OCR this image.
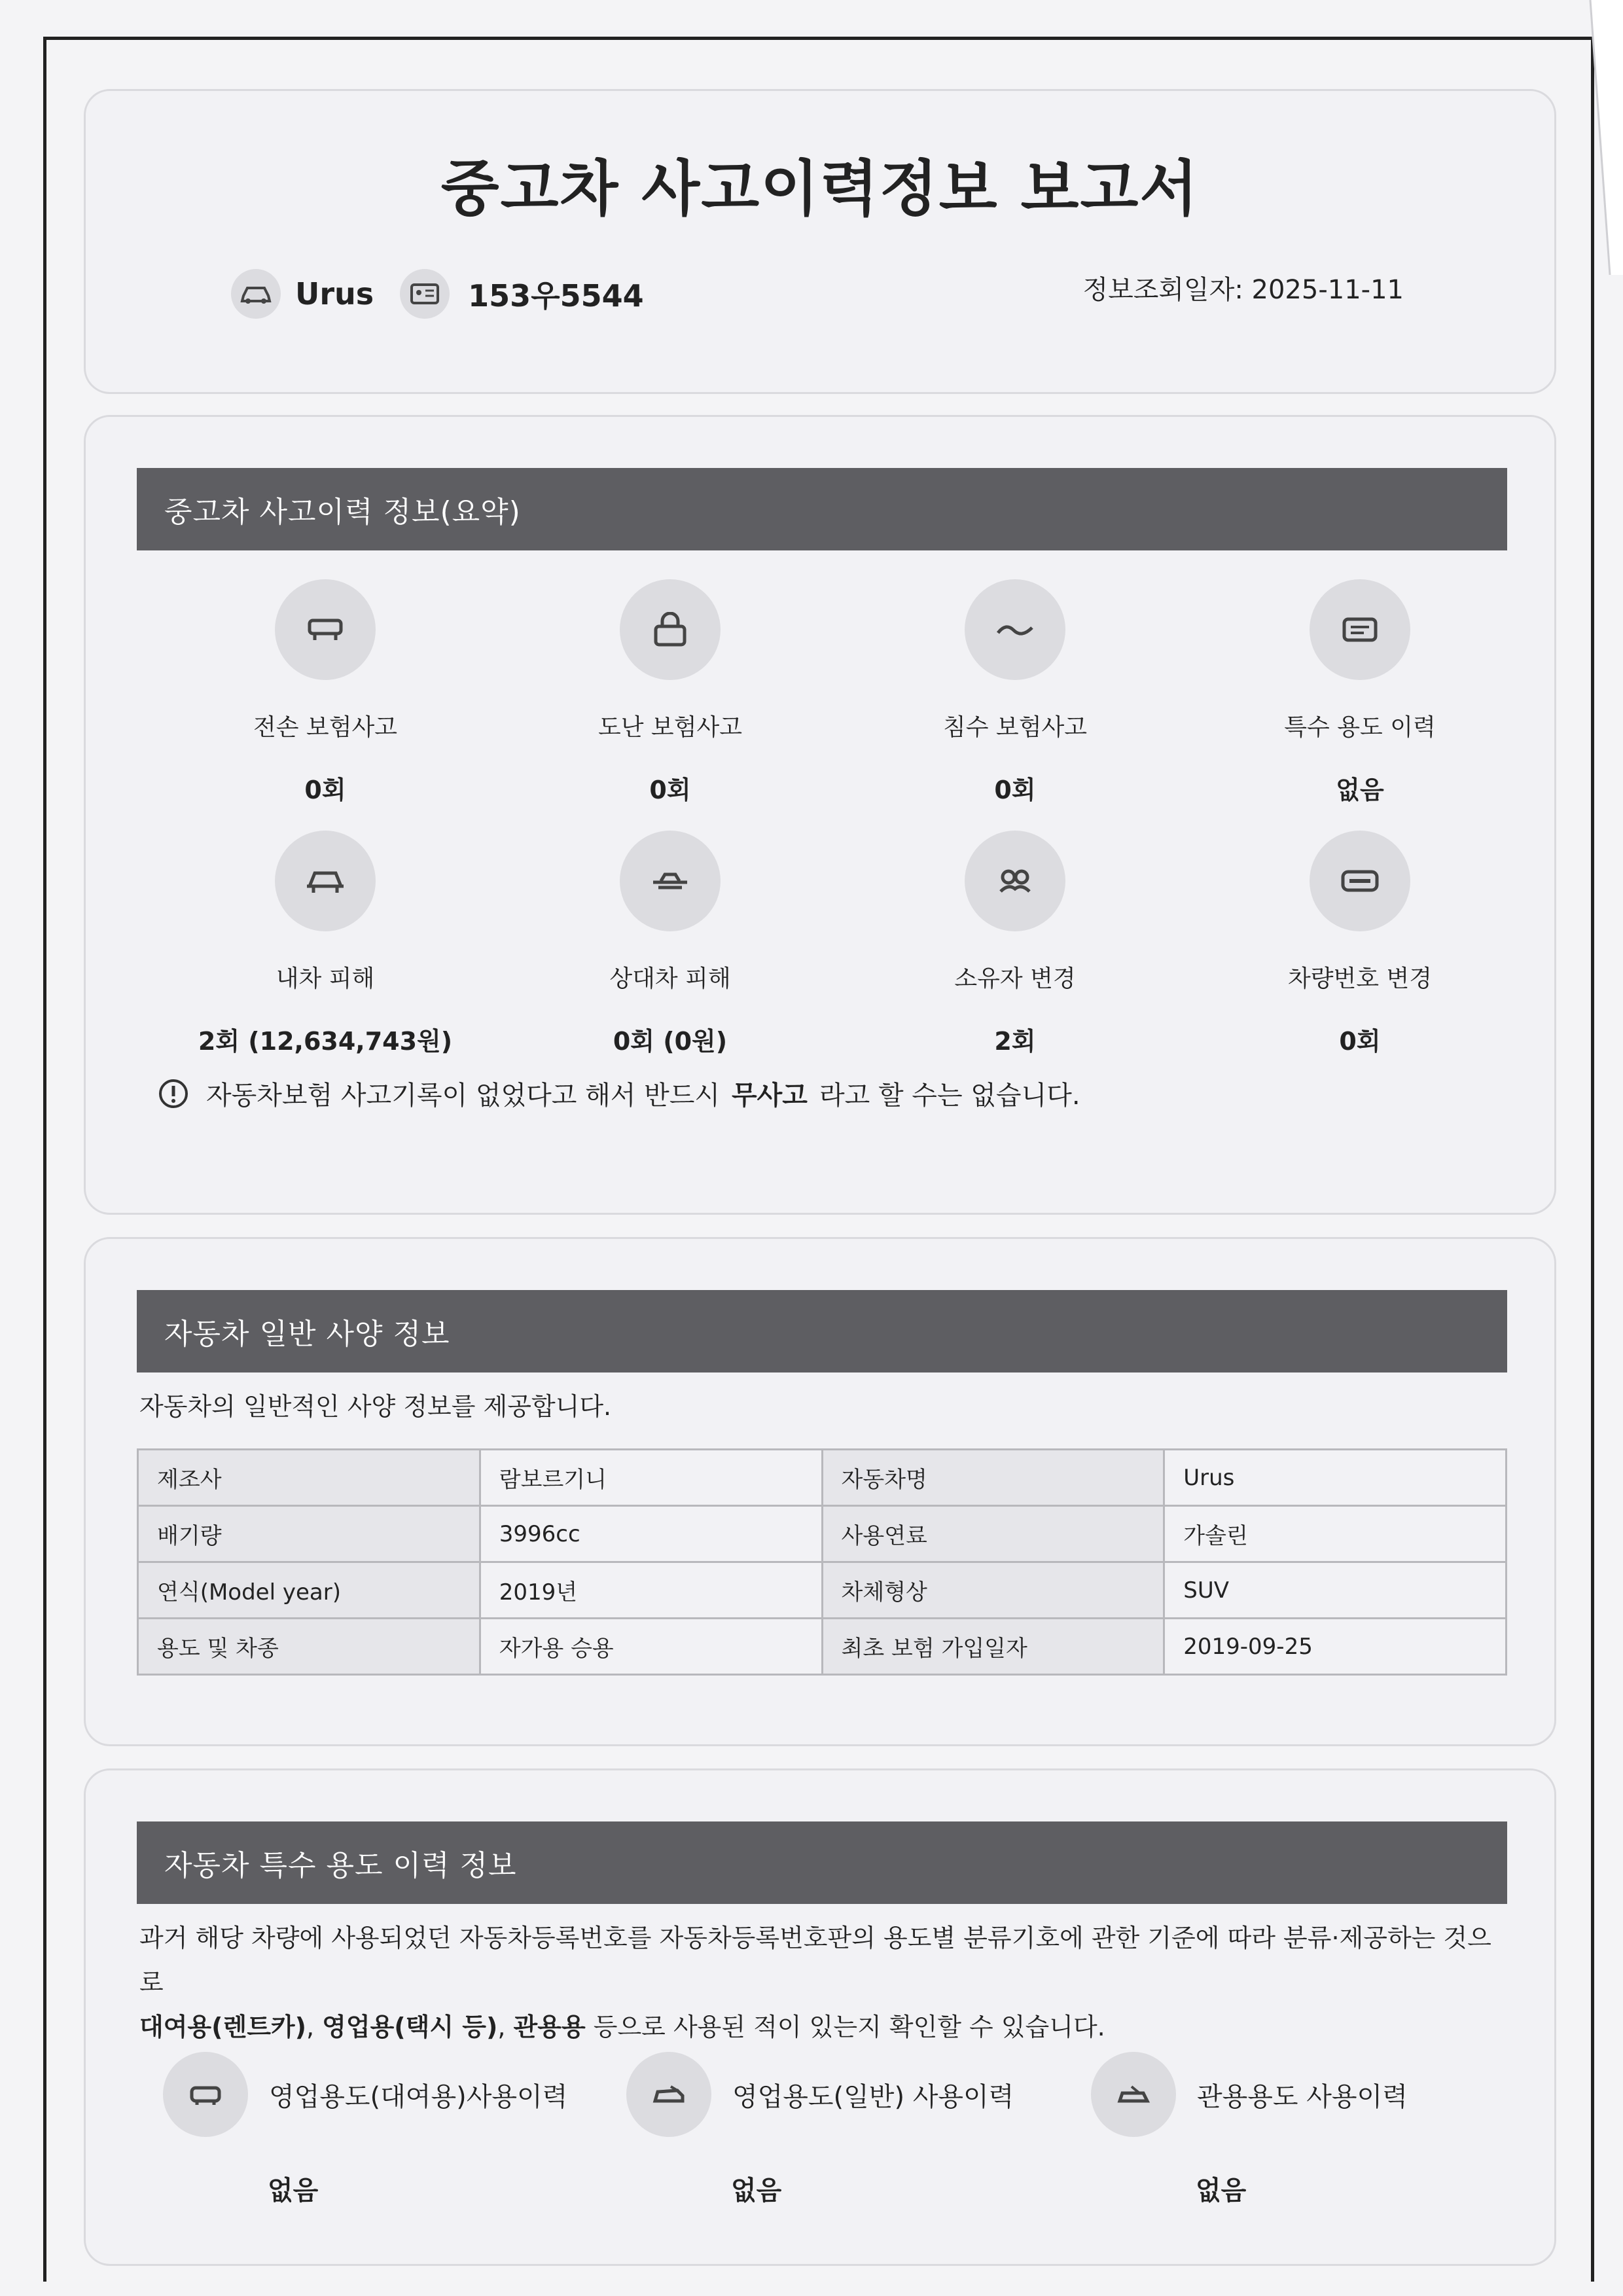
중고차 사고이력정보 보고서
Urus	153우5544	정보조회일자: 2025-11-11
중고차 사고이력 정보(요약)
전손 보험사고
0회
도난 보험사고
0회
침수 보험사고
0회
특수 용도 이력
없음
내차 피해
2회 (12,634,743원)
상대차 피해
0회 (0원)
소유자 변경
2회
차량번호 변경
0회
자동차보험 사고기록이 없었다고 해서 반드시 무사고 라고 할 수는 없습니다.
자동차 일반 사양 정보
자동차의 일반적인 사양 정보를 제공합니다.
제조사	람보르기니	자동차명	Urus
배기량	3996cc	사용연료	가솔린
연식(Model year)	2019년	차체형상	SUV
용도 및 차종	자가용 승용	최초 보험 가입일자	2019-09-25
자동차 특수 용도 이력 정보
과거 해당 차량에 사용되었던 자동차등록번호를 자동차등록번호판의 용도별 분류기호에 관한 기준에 따라 분류·제공하는 것으로
대여용(렌트카), 영업용(택시 등), 관용용 등으로 사용된 적이 있는지 확인할 수 있습니다.
영업용도(대여용)사용이력	영업용도(일반) 사용이력	관용용도 사용이력
없음	없음	없음
